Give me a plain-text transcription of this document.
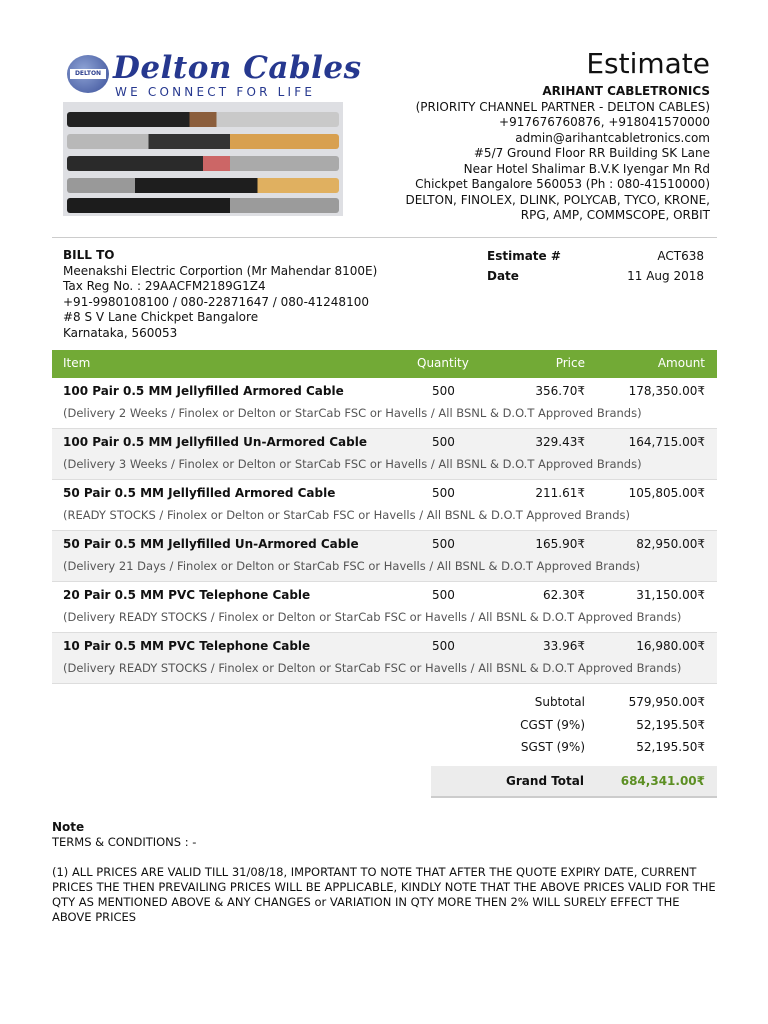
DELTON Delton Cables
WE CONNECT FOR LIFE
Estimate
ARIHANT CABLETRONICS
(PRIORITY CHANNEL PARTNER - DELTON CABLES)
+917676760876, +918041570000
admin@arihantcabletronics.com
#5/7 Ground Floor RR Building SK Lane
Near Hotel Shalimar B.V.K Iyengar Mn Rd
Chickpet Bangalore 560053 (Ph : 080-41510000)
DELTON, FINOLEX, DLINK, POLYCAB, TYCO, KRONE,
RPG, AMP, COMMSCOPE, ORBIT
BILL TO
Meenakshi Electric Corportion (Mr Mahendar 8100E)
Tax Reg No. : 29AACFM2189G1Z4
+91-9980108100 / 080-22871647 / 080-41248100
#8 S V Lane Chickpet Bangalore
Karnataka, 560053
Estimate #	ACT638
Date	11 Aug 2018
Item	Quantity	Price	Amount
100 Pair 0.5 MM Jellyfilled Armored Cable	500	356.70₹	178,350.00₹
(Delivery 2 Weeks / Finolex or Delton or StarCab FSC or Havells / All BSNL & D.O.T Approved Brands)
100 Pair 0.5 MM Jellyfilled Un-Armored Cable	500	329.43₹	164,715.00₹
(Delivery 3 Weeks / Finolex or Delton or StarCab FSC or Havells / All BSNL & D.O.T Approved Brands)
50 Pair 0.5 MM Jellyfilled Armored Cable	500	211.61₹	105,805.00₹
(READY STOCKS / Finolex or Delton or StarCab FSC or Havells / All BSNL & D.O.T Approved Brands)
50 Pair 0.5 MM Jellyfilled Un-Armored Cable	500	165.90₹	82,950.00₹
(Delivery 21 Days / Finolex or Delton or StarCab FSC or Havells / All BSNL & D.O.T Approved Brands)
20 Pair 0.5 MM PVC Telephone Cable	500	62.30₹	31,150.00₹
(Delivery READY STOCKS / Finolex or Delton or StarCab FSC or Havells / All BSNL & D.O.T Approved Brands)
10 Pair 0.5 MM PVC Telephone Cable	500	33.96₹	16,980.00₹
(Delivery READY STOCKS / Finolex or Delton or StarCab FSC or Havells / All BSNL & D.O.T Approved Brands)
Subtotal	579,950.00₹
CGST (9%)	52,195.50₹
SGST (9%)	52,195.50₹
Grand Total	684,341.00₹
Note
TERMS & CONDITIONS : -
(1) ALL PRICES ARE VALID TILL 31/08/18, IMPORTANT TO NOTE THAT AFTER THE QUOTE EXPIRY DATE, CURRENT PRICES THE THEN PREVAILING PRICES WILL BE APPLICABLE, KINDLY NOTE THAT THE ABOVE PRICES VALID FOR THE QTY AS MENTIONED ABOVE & ANY CHANGES or VARIATION IN QTY MORE THEN 2% WILL SURELY EFFECT THE ABOVE PRICES
